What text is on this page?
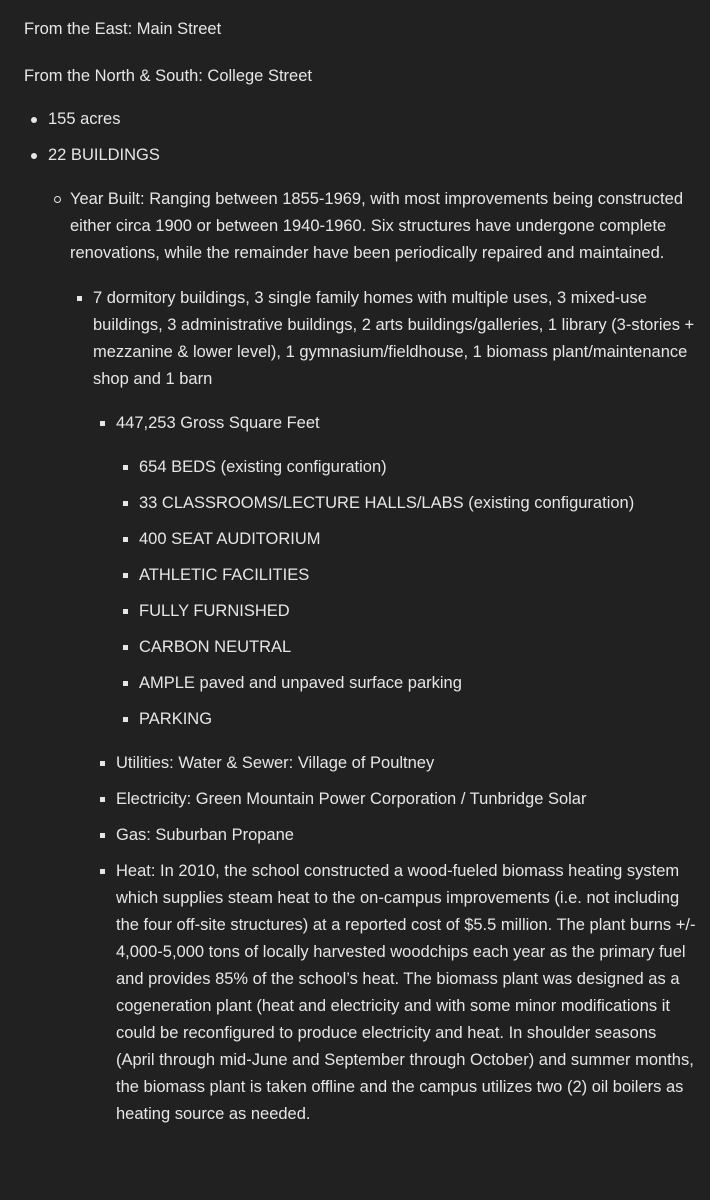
From the East: Main Street

From the North & South: College Street

155 acres
22 BUILDINGS
Year Built: Ranging between 1855-1969, with most improvements being constructed either circa 1900 or between 1940-1960. Six structures have undergone complete renovations, while the remainder have been periodically repaired and maintained.
7 dormitory buildings, 3 single family homes with multiple uses, 3 mixed-use buildings, 3 administrative buildings, 2 arts buildings/galleries, 1 library (3-stories + mezzanine & lower level), 1 gymnasium/fieldhouse, 1 biomass plant/maintenance shop and 1 barn
447,253 Gross Square Feet
654 BEDS (existing configuration)
33 CLASSROOMS/LECTURE HALLS/LABS (existing configuration)
400 SEAT AUDITORIUM
ATHLETIC FACILITIES
FULLY FURNISHED
CARBON NEUTRAL
AMPLE paved and unpaved surface parking
PARKING
Utilities: Water & Sewer: Village of Poultney
Electricity: Green Mountain Power Corporation / Tunbridge Solar
Gas: Suburban Propane
Heat: In 2010, the school constructed a wood-fueled biomass heating system which supplies steam heat to the on-campus improvements (i.e. not including the four off-site structures) at a reported cost of $5.5 million. The plant burns +/- 4,000-5,000 tons of locally harvested woodchips each year as the primary fuel and provides 85% of the school’s heat. The biomass plant was designed as a cogeneration plant (heat and electricity and with some minor modifications it could be reconfigured to produce electricity and heat. In shoulder seasons (April through mid-June and September through October) and summer months, the biomass plant is taken offline and the campus utilizes two (2) oil boilers as heating source as needed.
